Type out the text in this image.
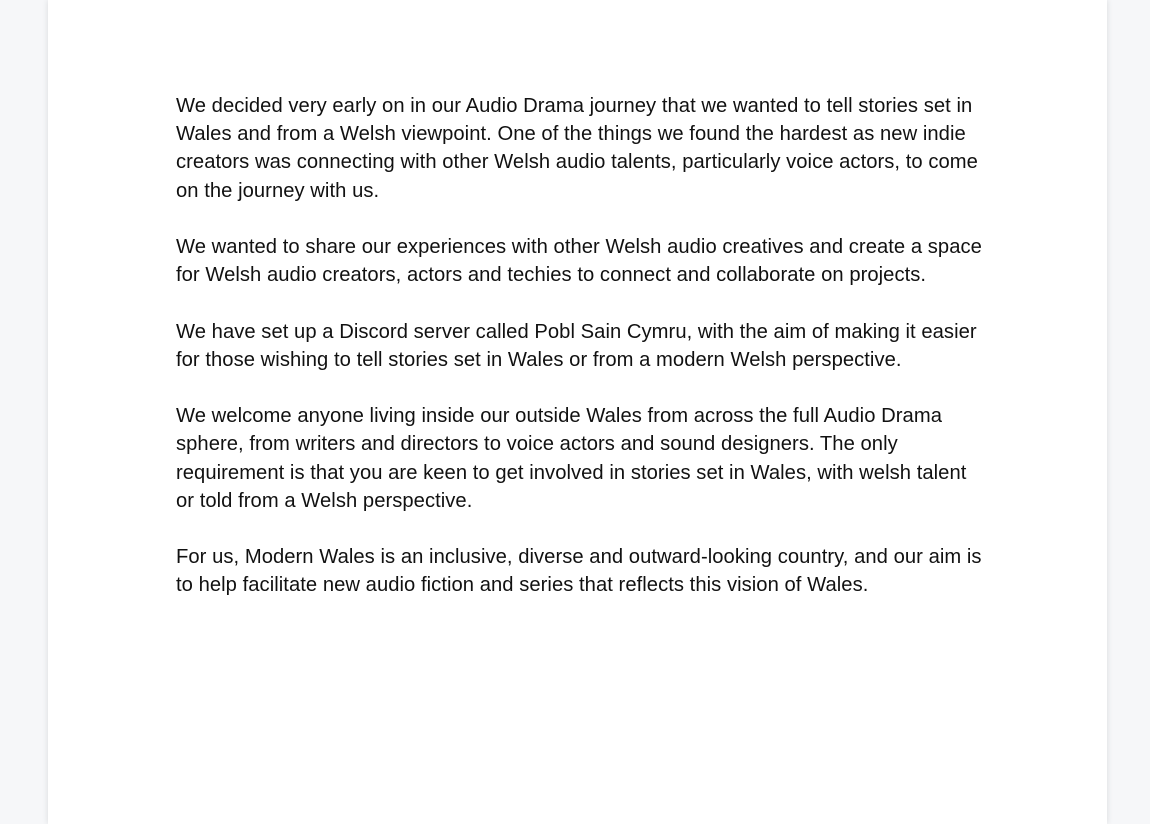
We decided very early on in our Audio Drama journey that we wanted to tell stories set in Wales and from a Welsh viewpoint. One of the things we found the hardest as new indie creators was connecting with other Welsh audio talents, particularly voice actors, to come on the journey with us.

We wanted to share our experiences with other Welsh audio creatives and create a space for Welsh audio creators, actors and techies to connect and collaborate on projects.

We have set up a Discord server called Pobl Sain Cymru, with the aim of making it easier for those wishing to tell stories set in Wales or from a modern Welsh perspective.

We welcome anyone living inside our outside Wales from across the full Audio Drama sphere, from writers and directors to voice actors and sound designers. The only requirement is that you are keen to get involved in stories set in Wales, with welsh talent or told from a Welsh perspective.

For us, Modern Wales is an inclusive, diverse and outward-looking country, and our aim is to help facilitate new audio fiction and series that reflects this vision of Wales.
